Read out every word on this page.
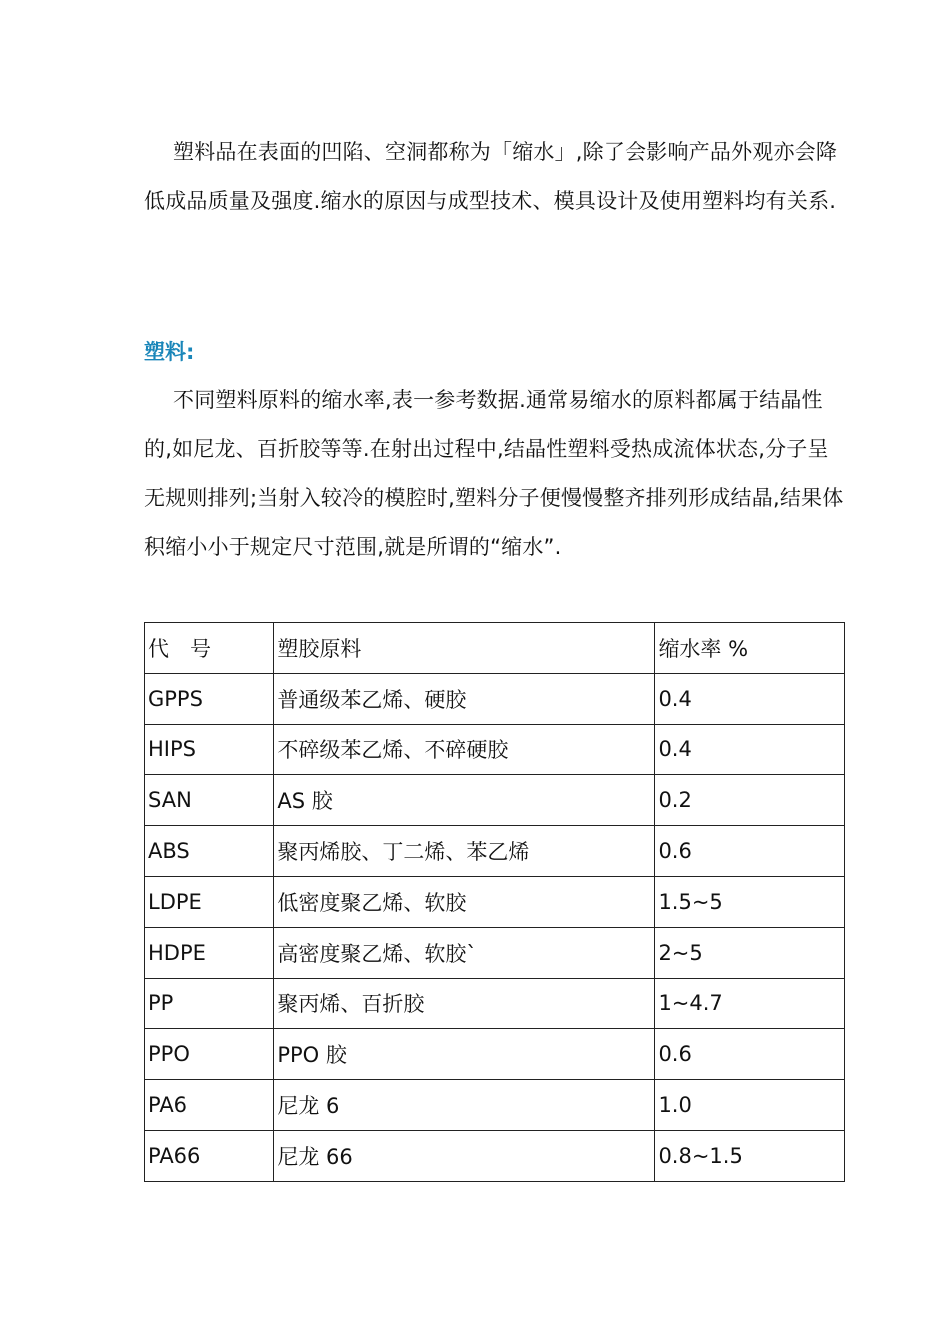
塑料品在表面的凹陷、空洞都称为「缩水」,除了会影响产品外观亦会降低成品质量及强度.缩水的原因与成型技术、模具设计及使用塑料均有关系.

塑料:

不同塑料原料的缩水率,表一参考数据.通常易缩水的原料都属于结晶性的,如尼龙、百折胶等等.在射出过程中,结晶性塑料受热成流体状态,分子呈无规则排列;当射入较冷的模腔时,塑料分子便慢慢整齐排列形成结晶,结果体积缩小小于规定尺寸范围,就是所谓的“缩水”.

代　号	塑胶原料	缩水率 %
GPPS	普通级苯乙烯、硬胶	0.4
HIPS	不碎级苯乙烯、不碎硬胶	0.4
SAN	AS 胶	0.2
ABS	聚丙烯胶、丁二烯、苯乙烯	0.6
LDPE	低密度聚乙烯、软胶	1.5~5
HDPE	高密度聚乙烯、软胶`	2~5
PP	聚丙烯、百折胶	1~4.7
PPO	PPO 胶	0.6
PA6	尼龙 6	1.0
PA66	尼龙 66	0.8~1.5
